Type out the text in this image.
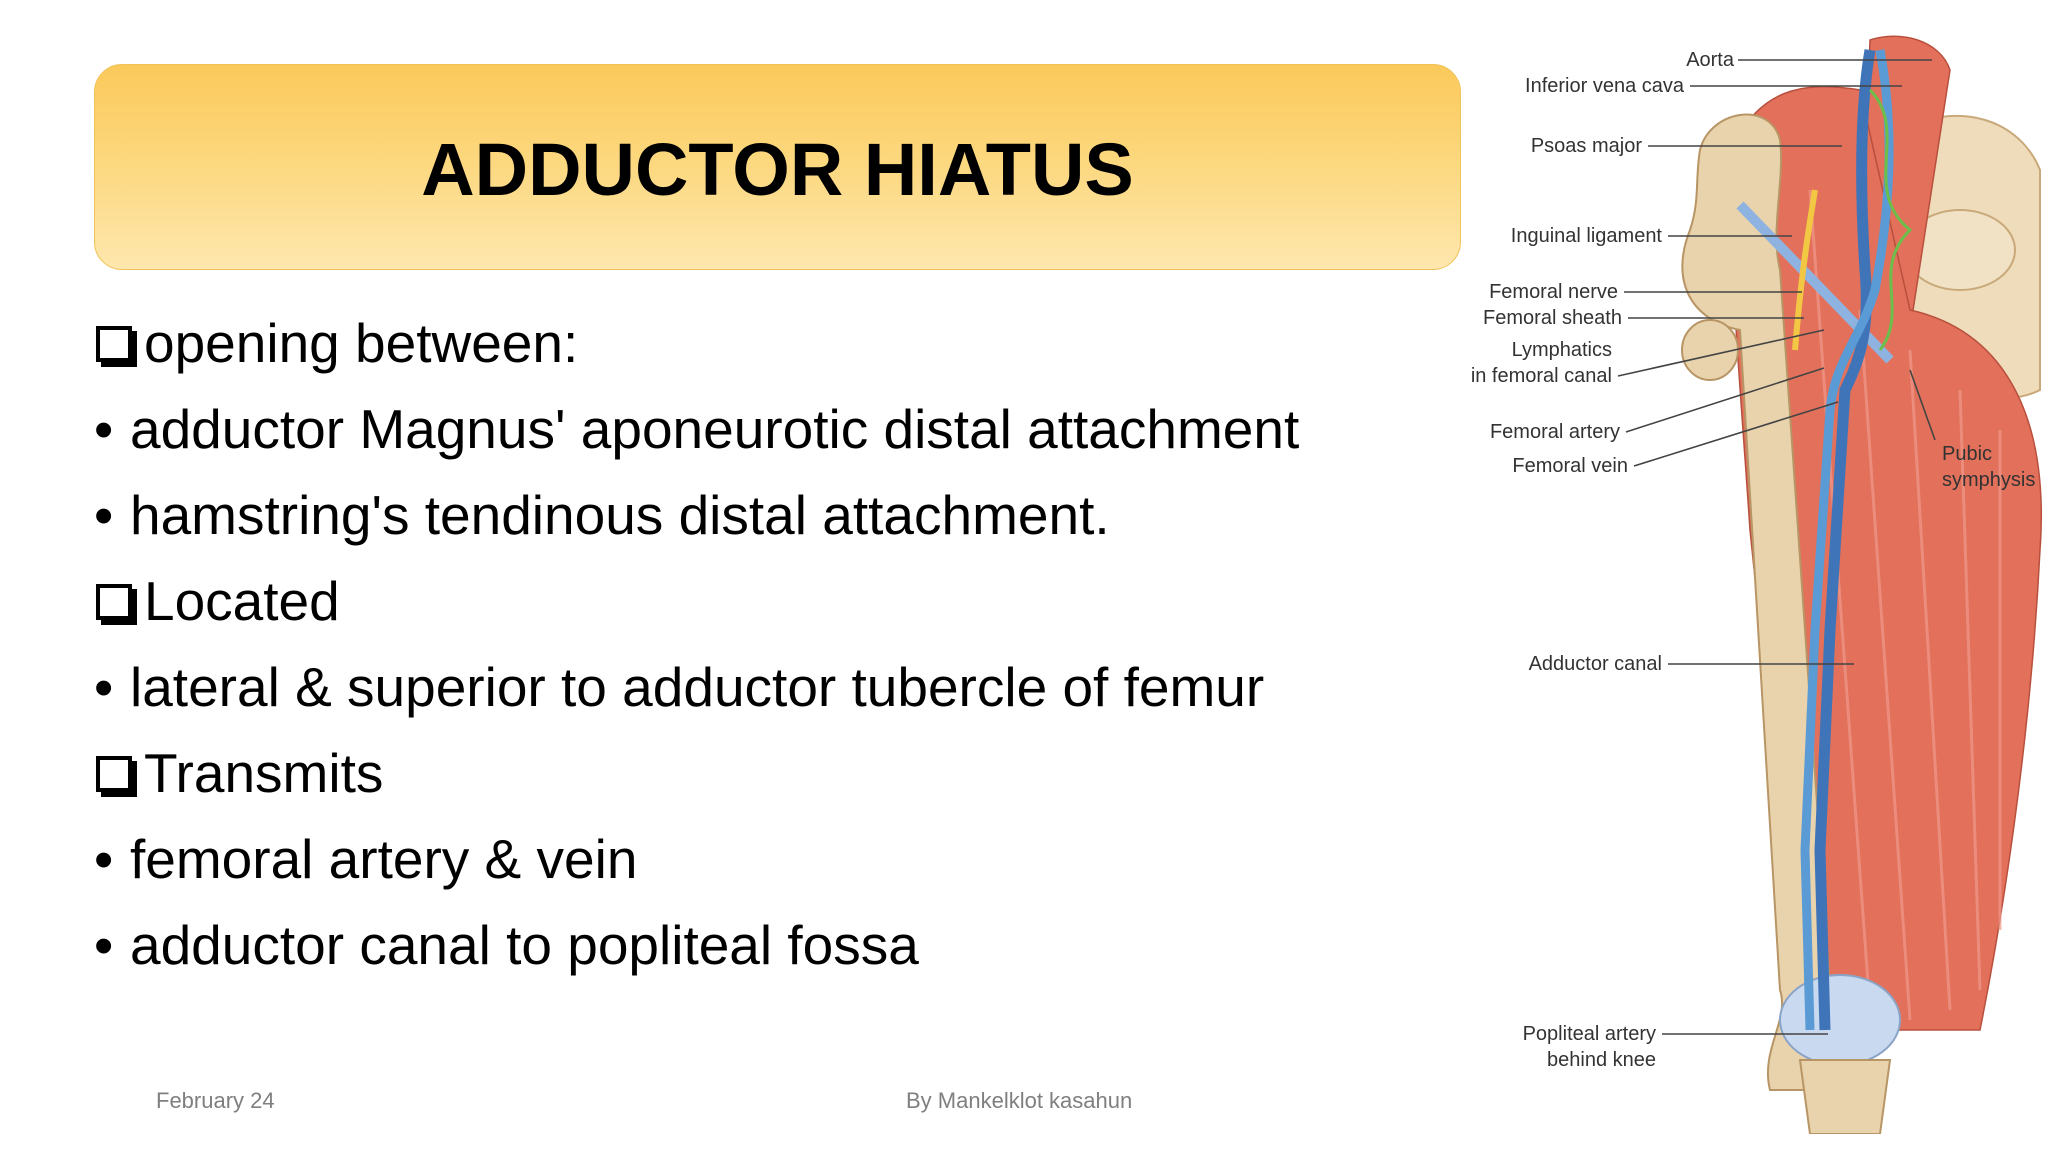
ADDUCTOR HIATUS
opening between:
• adductor Magnus' aponeurotic distal attachment
• hamstring's tendinous distal attachment.
Located
• lateral & superior to adductor tubercle of femur
Transmits
• femoral artery & vein
• adductor canal to popliteal fossa
February 24	By Mankelklot kasahun
Aorta
Inferior vena cava
Psoas major
Inguinal ligament
Femoral nerve
Femoral sheath
Lymphatics
in femoral canal
Femoral artery
Femoral vein
Pubic
symphysis
Adductor canal
Popliteal artery
behind knee
